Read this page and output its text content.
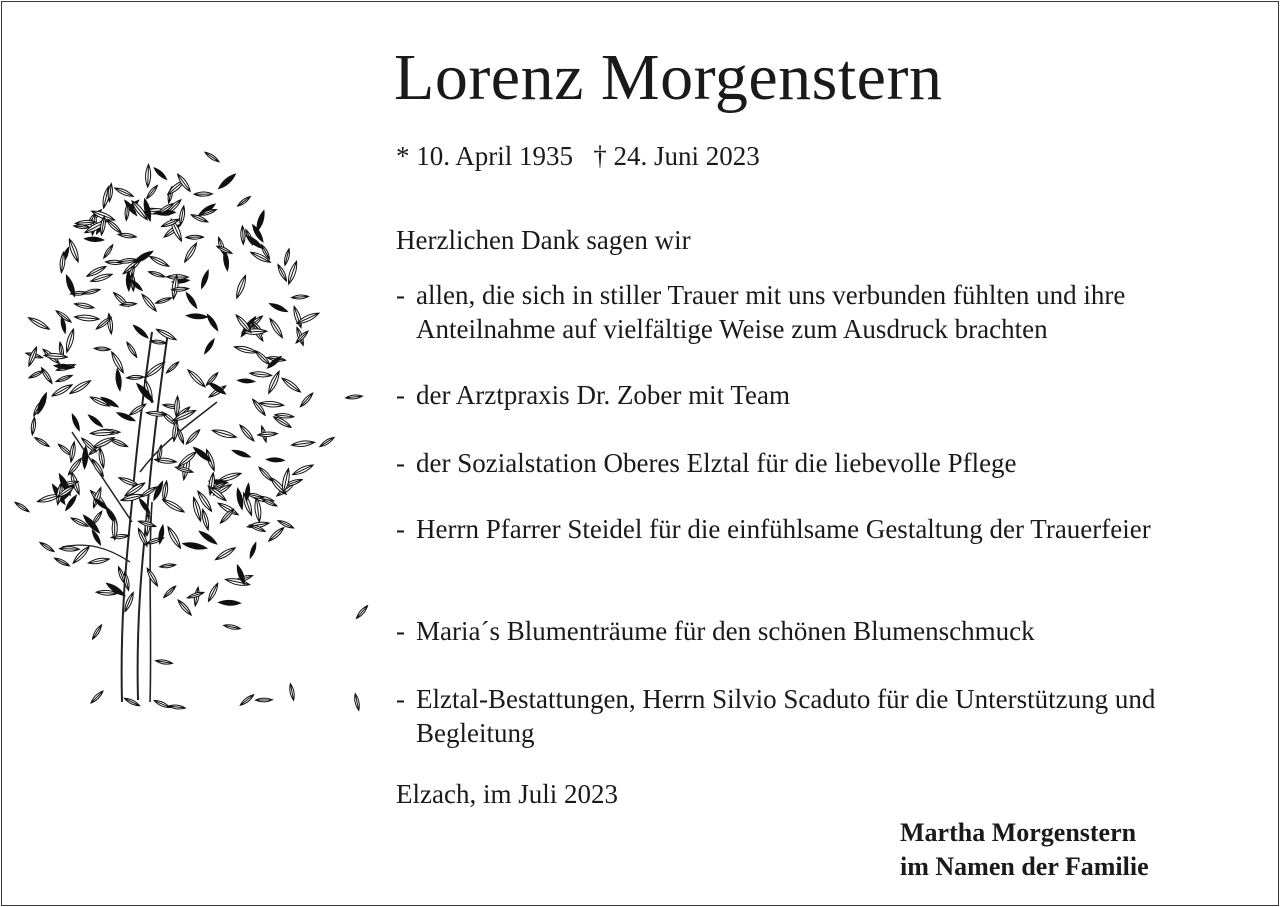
Lorenz Morgenstern
* 10. April 1935   † 24. Juni 2023
Herzlichen Dank sagen wir
- allen, die sich in stiller Trauer mit uns verbunden fühlten und ihre Anteilnahme auf vielfältige Weise zum Ausdruck brachten
- der Arztpraxis Dr. Zober mit Team
- der Sozialstation Oberes Elztal für die liebevolle Pflege
- Herrn Pfarrer Steidel für die einfühlsame Gestaltung der Trauerfeier
- Maria´s Blumenträume für den schönen Blumenschmuck
- Elztal-Bestattungen, Herrn Silvio Scaduto für die Unterstützung und Begleitung
Elzach, im Juli 2023
Martha Morgenstern
im Namen der Familie
